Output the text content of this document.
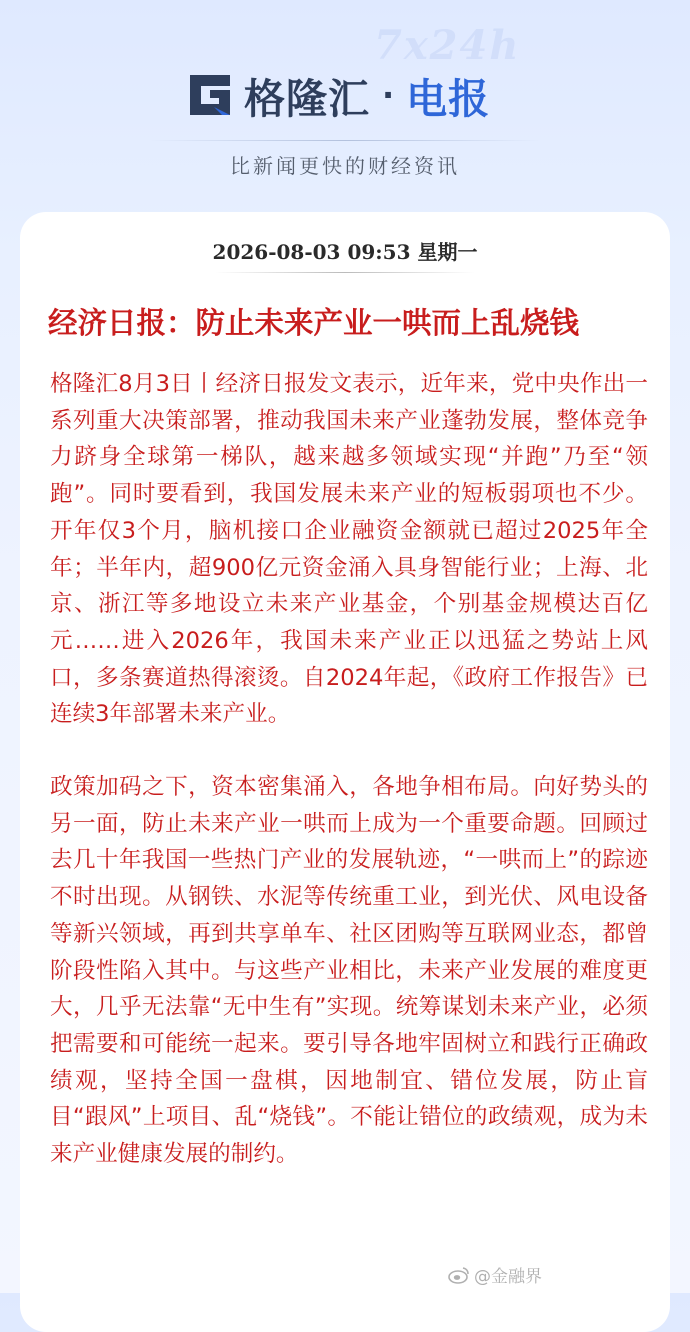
7x24h
格隆汇 · 电报
比新闻更快的财经资讯
2026-08-03 09:53 星期一
经济日报：防止未来产业一哄而上乱烧钱

格隆汇8月3日丨经济日报发文表示，近年来，党中央作出一系列重大决策部署，推动我国未来产业蓬勃发展，整体竞争力跻身全球第一梯队，越来越多领域实现“并跑”乃至“领跑”。同时要看到，我国发展未来产业的短板弱项也不少。开年仅3个月，脑机接口企业融资金额就已超过2025年全年；半年内，超900亿元资金涌入具身智能行业；上海、北京、浙江等多地设立未来产业基金，个别基金规模达百亿元……进入2026年，我国未来产业正以迅猛之势站上风口，多条赛道热得滚烫。自2024年起，《政府工作报告》已连续3年部署未来产业。

政策加码之下，资本密集涌入，各地争相布局。向好势头的另一面，防止未来产业一哄而上成为一个重要命题。回顾过去几十年我国一些热门产业的发展轨迹，“一哄而上”的踪迹不时出现。从钢铁、水泥等传统重工业，到光伏、风电设备等新兴领域，再到共享单车、社区团购等互联网业态，都曾阶段性陷入其中。与这些产业相比，未来产业发展的难度更大，几乎无法靠“无中生有”实现。统筹谋划未来产业，必须把需要和可能统一起来。要引导各地牢固树立和践行正确政绩观，坚持全国一盘棋，因地制宜、错位发展，防止盲目“跟风”上项目、乱“烧钱”。不能让错位的政绩观，成为未来产业健康发展的制约。

@金融界
